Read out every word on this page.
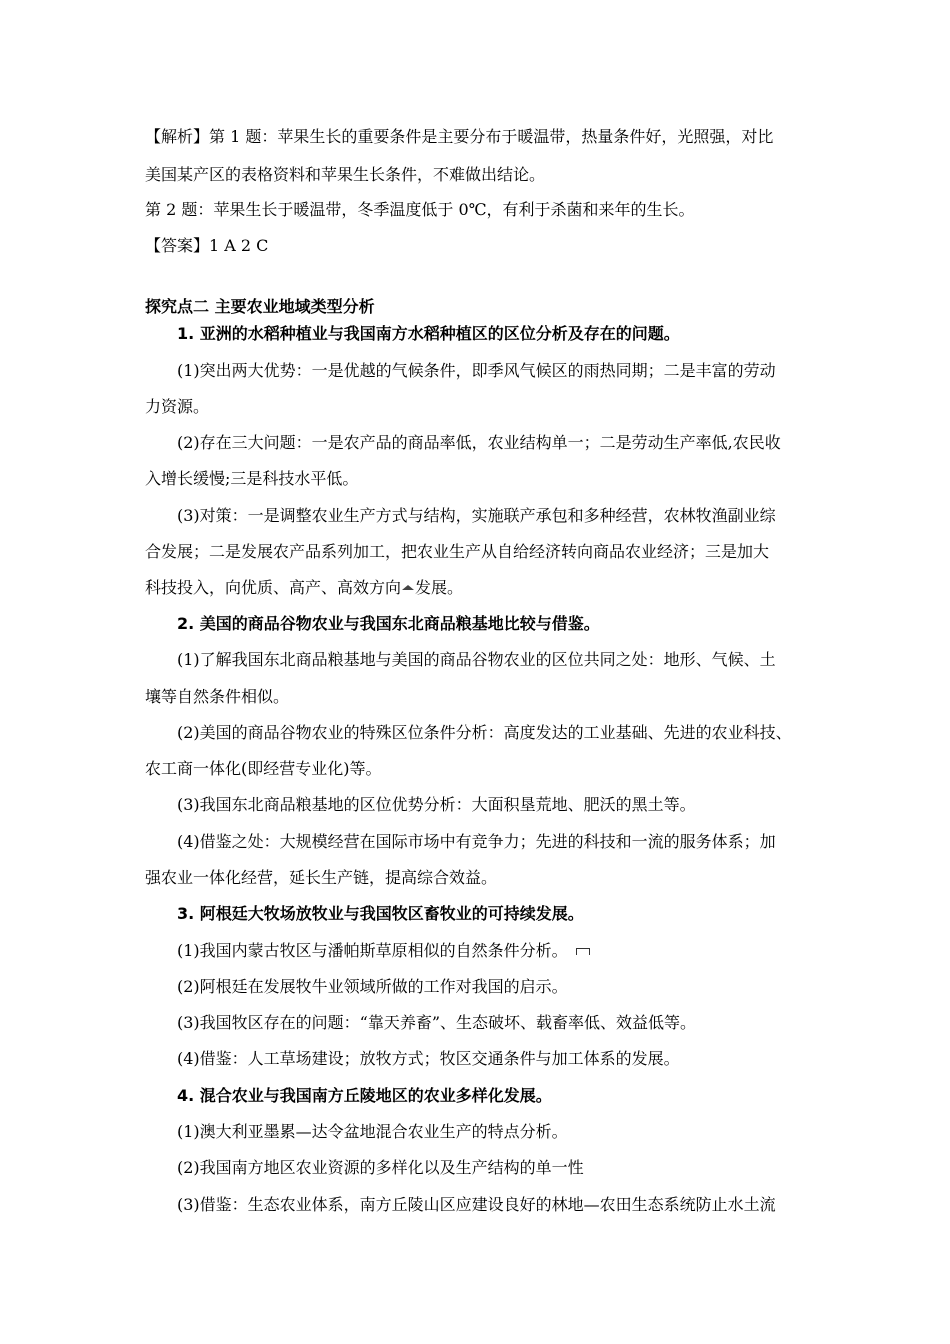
【解析】第 1 题：苹果生长的重要条件是主要分布于暖温带，热量条件好，光照强，对比
美国某产区的表格资料和苹果生长条件，不难做出结论。
第 2 题：苹果生长于暖温带，冬季温度低于 0℃，有利于杀菌和来年的生长。
【答案】1 A 2 C
探究点二 主要农业地域类型分析
1. 亚洲的水稻种植业与我国南方水稻种植区的区位分析及存在的问题。
(1)突出两大优势：一是优越的气候条件，即季风气候区的雨热同期；二是丰富的劳动
力资源。
(2)存在三大问题：一是农产品的商品率低，农业结构单一；二是劳动生产率低,农民收
入增长缓慢;三是科技水平低。
(3)对策：一是调整农业生产方式与结构，实施联产承包和多种经营，农林牧渔副业综
合发展；二是发展农产品系列加工，把农业生产从自给经济转向商品农业经济；三是加大
科技投入，向优质、高产、高效方向 发展。
2. 美国的商品谷物农业与我国东北商品粮基地比较与借鉴。
(1)了解我国东北商品粮基地与美国的商品谷物农业的区位共同之处：地形、气候、土
壤等自然条件相似。
(2)美国的商品谷物农业的特殊区位条件分析：高度发达的工业基础、先进的农业科技、
农工商一体化(即经营专业化)等。
(3)我国东北商品粮基地的区位优势分析：大面积垦荒地、肥沃的黑土等。
(4)借鉴之处：大规模经营在国际市场中有竞争力；先进的科技和一流的服务体系；加
强农业一体化经营，延长生产链，提高综合效益。
3. 阿根廷大牧场放牧业与我国牧区畜牧业的可持续发展。
(1)我国内蒙古牧区与潘帕斯草原相似的自然条件分析。
(2)阿根廷在发展牧牛业领域所做的工作对我国的启示。
(3)我国牧区存在的问题：“靠天养畜”、生态破坏、载畜率低、效益低等。
(4)借鉴：人工草场建设；放牧方式；牧区交通条件与加工体系的发展。
4. 混合农业与我国南方丘陵地区的农业多样化发展。
(1)澳大利亚墨累—达令盆地混合农业生产的特点分析。
(2)我国南方地区农业资源的多样化以及生产结构的单一性
(3)借鉴：生态农业体系，南方丘陵山区应建设良好的林地—农田生态系统防止水土流
